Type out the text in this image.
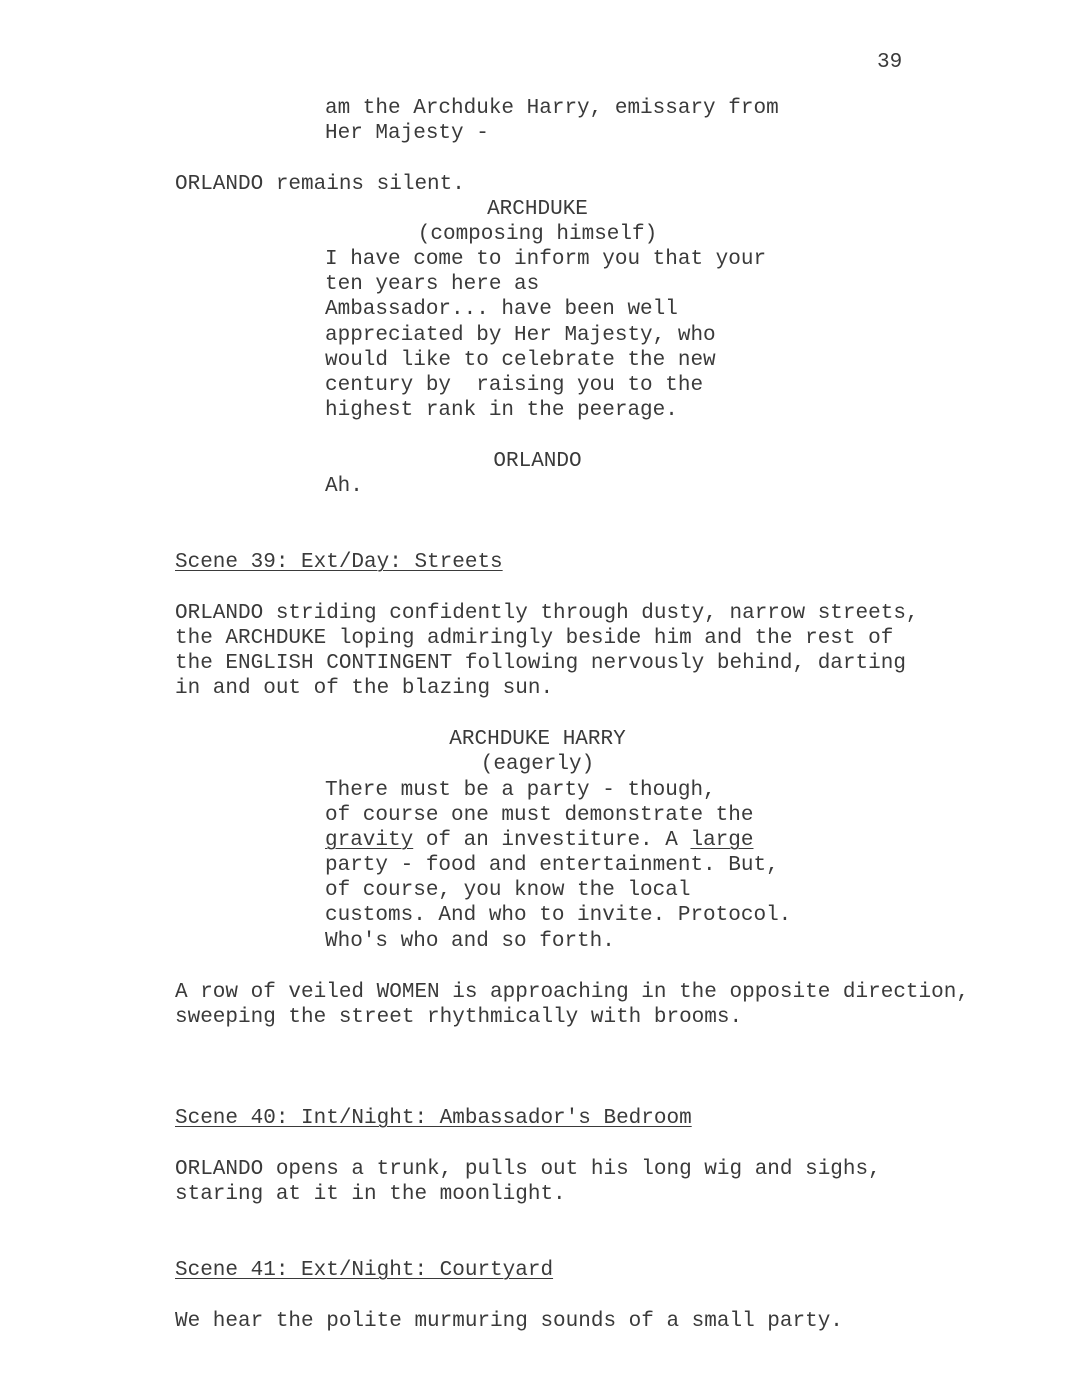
39
am the Archduke Harry, emissary from
Her Majesty -
ORLANDO remains silent.
ARCHDUKE
(composing himself)
I have come to inform you that your
ten years here as
Ambassador... have been well
appreciated by Her Majesty, who
would like to celebrate the new
century by  raising you to the
highest rank in the peerage.
ORLANDO
Ah.
Scene 39: Ext/Day: Streets
ORLANDO striding confidently through dusty, narrow streets,
the ARCHDUKE loping admiringly beside him and the rest of
the ENGLISH CONTINGENT following nervously behind, darting
in and out of the blazing sun.
ARCHDUKE HARRY
(eagerly)
There must be a party - though,
of course one must demonstrate the
gravity of an investiture. A large
party - food and entertainment. But,
of course, you know the local
customs. And who to invite. Protocol.
Who's who and so forth.
A row of veiled WOMEN is approaching in the opposite direction,
sweeping the street rhythmically with brooms.
Scene 40: Int/Night: Ambassador's Bedroom
ORLANDO opens a trunk, pulls out his long wig and sighs,
staring at it in the moonlight.
Scene 41: Ext/Night: Courtyard
We hear the polite murmuring sounds of a small party.
